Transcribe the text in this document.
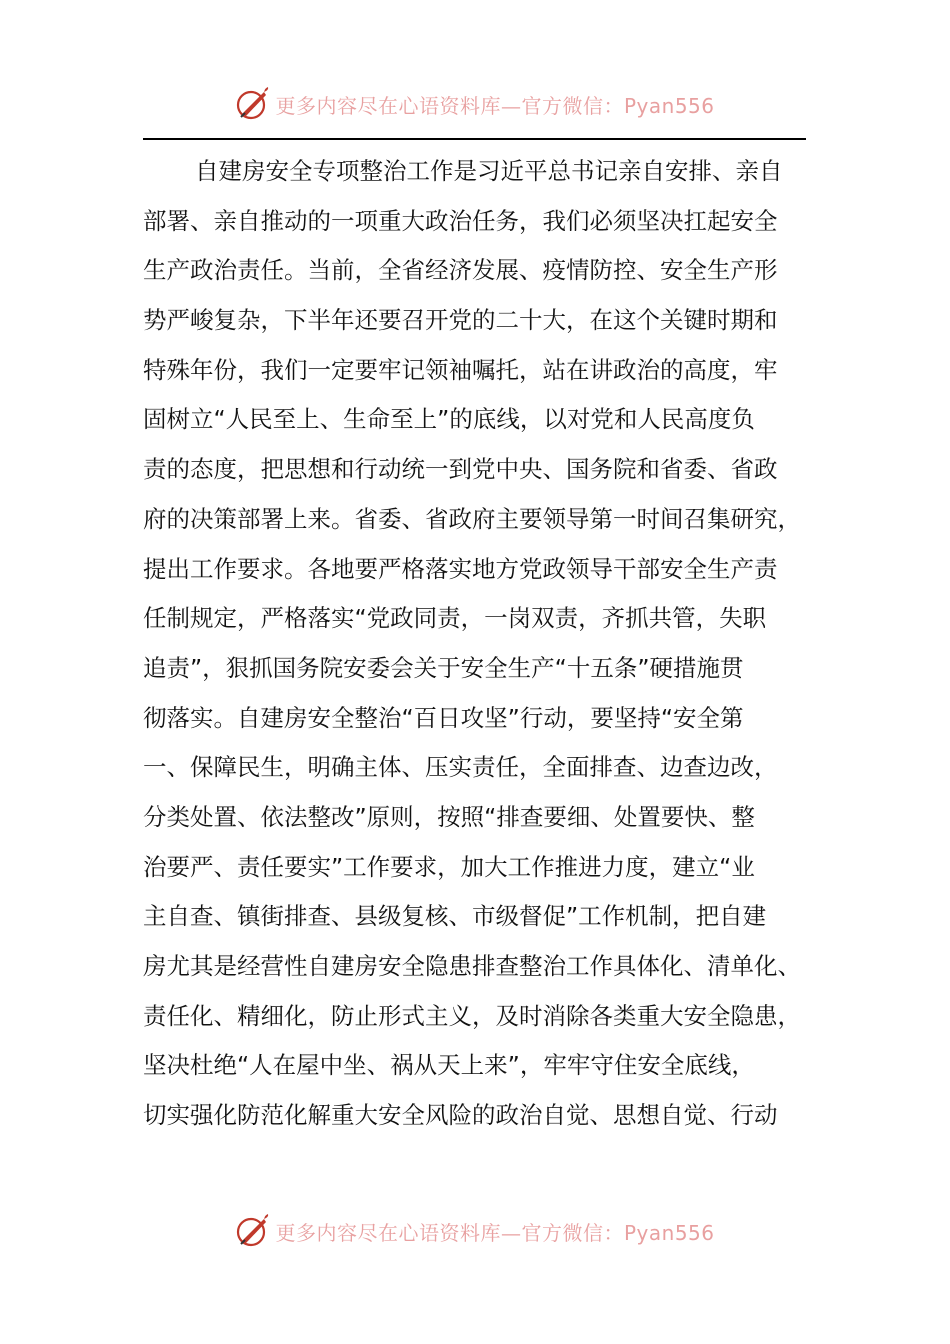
更多内容尽在心语资料库—官方微信：Pyan556
自建房安全专项整治工作是习近平总书记亲自安排、亲自
部署、亲自推动的一项重大政治任务，我们必须坚决扛起安全
生产政治责任。当前，全省经济发展、疫情防控、安全生产形
势严峻复杂，下半年还要召开党的二十大，在这个关键时期和
特殊年份，我们一定要牢记领袖嘱托，站在讲政治的高度，牢
固树立“人民至上、生命至上”的底线，以对党和人民高度负
责的态度，把思想和行动统一到党中央、国务院和省委、省政
府的决策部署上来。省委、省政府主要领导第一时间召集研究，
提出工作要求。各地要严格落实地方党政领导干部安全生产责
任制规定，严格落实“党政同责，一岗双责，齐抓共管，失职
追责”，狠抓国务院安委会关于安全生产“十五条”硬措施贯
彻落实。自建房安全整治“百日攻坚”行动，要坚持“安全第
一、保障民生，明确主体、压实责任，全面排查、边查边改，
分类处置、依法整改”原则，按照“排查要细、处置要快、整
治要严、责任要实”工作要求，加大工作推进力度，建立“业
主自查、镇街排查、县级复核、市级督促”工作机制，把自建
房尤其是经营性自建房安全隐患排查整治工作具体化、清单化、
责任化、精细化，防止形式主义，及时消除各类重大安全隐患，
坚决杜绝“人在屋中坐、祸从天上来”，牢牢守住安全底线，
切实强化防范化解重大安全风险的政治自觉、思想自觉、行动
更多内容尽在心语资料库—官方微信：Pyan556
